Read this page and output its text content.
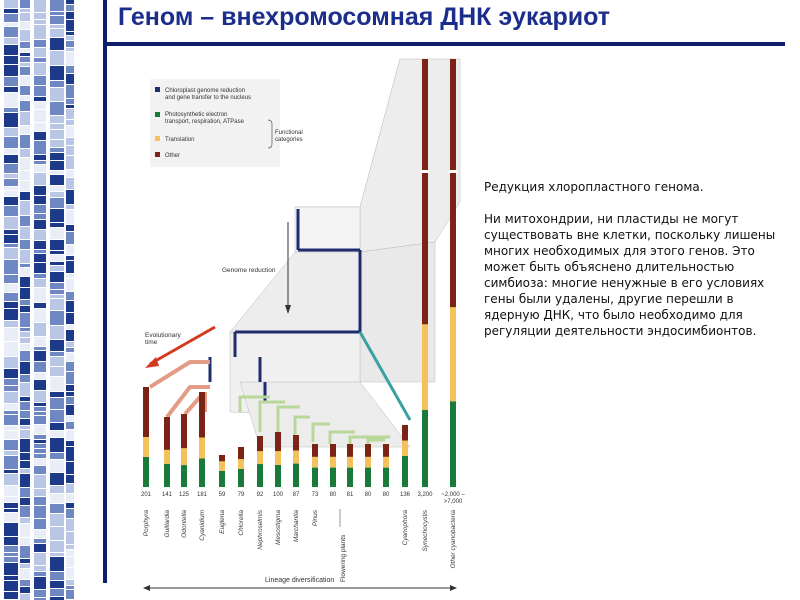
Геном – внехромосомная ДНК эукариот
Chloroplast genome reduction and gene transfer to the nucleus
Photosynthetic electron transport, respiration, ATPase
Translation
Other
Functional categories
Genome reduction
Evolutionary time
201 141 125 181 59 79 92 100 87 73 80 81 80 80 136 3,200 ~2,000 – >7,000
Porphyra Guillardia Odontella Cyanidium Euglena Chlorella Nephroselmis Mesostigma Marchantia Pinus	Cyanophora Synechocystis	Other cyanobacteria
Flowering plants
Lineage diversification

Редукция хлоропластного генома.

Ни митохондрии, ни пластиды не могут существовать вне клетки, поскольку лишены многих необходимых для этого генов. Это может быть объяснено длительностью симбиоза: многие ненужные в его условиях гены были удалены, другие перешли в ядерную ДНК, что было необходимо для регуляции деятельности эндосимбионтов.
